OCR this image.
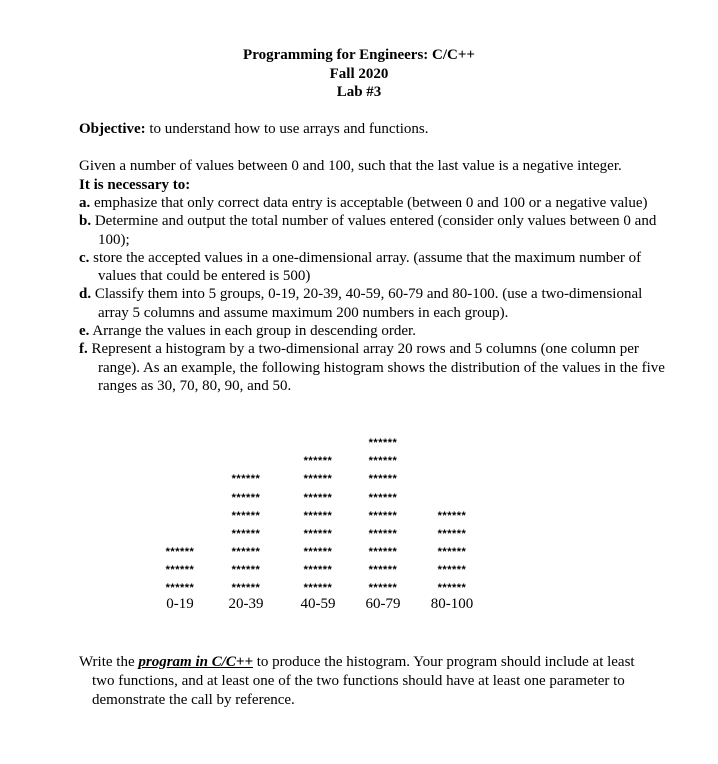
Programming for Engineers: C/C++
Fall 2020
Lab #3
Objective: to understand how to use arrays and functions.
Given a number of values between 0 and 100, such that the last value is a negative integer.
It is necessary to:
a. emphasize that only correct data entry is acceptable (between 0 and 100 or a negative value)
b. Determine and output the total number of values entered (consider only values between 0 and 100);
c. store the accepted values in a one-dimensional array. (assume that the maximum number of values that could be entered is 500)
d. Classify them into 5 groups, 0-19, 20-39, 40-59, 60-79 and 80-100. (use a two-dimensional array 5 columns and assume maximum 200 numbers in each group).
e. Arrange the values in each group in descending order.
f. Represent a histogram by a two-dimensional array 20 rows and 5 columns (one column per range). As an example, the following histogram shows the distribution of the values in the five ranges as 30, 70, 80, 90, and 50.
******
******
******
0-19
******
******
******
******
******
******
******
20-39
******
******
******
******
******
******
******
******
40-59
******
******
******
******
******
******
******
******
******
60-79
******
******
******
******
******
80-100
Write the program in C/C++ to produce the histogram. Your program should include at least
two functions, and at least one of the two functions should have at least one parameter to demonstrate the call by reference.
